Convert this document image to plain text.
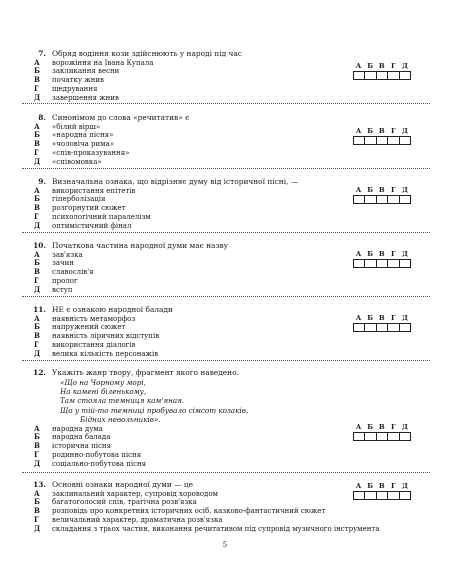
7. Обряд водіння кози здійснюють у народі під час
А ворожіння на Івана Купала
Б закликання весни
В початку жнив
Г щедрування
Д завершення жнив
А Б В Г Д
8. Синонімом до слова «речитатив» є
А «білий вірш»
Б «народна пісня»
В «чоловіча рима»
Г «спів-проказування»
Д «співомовка»
А Б В Г Д
9. Визначальна ознака, що відрізняє думу від історичної пісні, —
А використання епітетів
Б гіперболізація
В розгорнутий сюжет
Г психологічний паралелізм
Д оптимістичний фінал
А Б В Г Д
10. Початкова частина народної думи має назву
А зав'язка
Б зачин
В славослів'я
Г пролог
Д вступ
А Б В Г Д
11. НЕ є ознакою народної балади
А наявність метаморфоз
Б напружений сюжет
В наявність ліричних відступів
Г використання діалогів
Д велика кількість персонажів
А Б В Г Д
12. Укажіть жанр твору, фрагмент якого наведено.
«Що на Чорному морі,
На камені біленькому,
Там стояла темниця кам'яная.
Що у тій-то темниці пробувало сімсот козаків,
Бідних невольників».
А народна дума
Б народна балада
В історична пісня
Г родинно-побутова пісня
Д соціально-побутова пісня
А Б В Г Д
13. Основні ознаки народної думи — це
А заклинальний характер, супровід хороводом
Б багатоголосий спів, трагічна розв'язка
В розповідь про конкретних історичних осіб, казково-фантастичний сюжет
Г величальний характер, драматична розв'язка
Д складання з трьох частин, виконання речитативом під супровід музичного інструмента
А Б В Г Д
5
